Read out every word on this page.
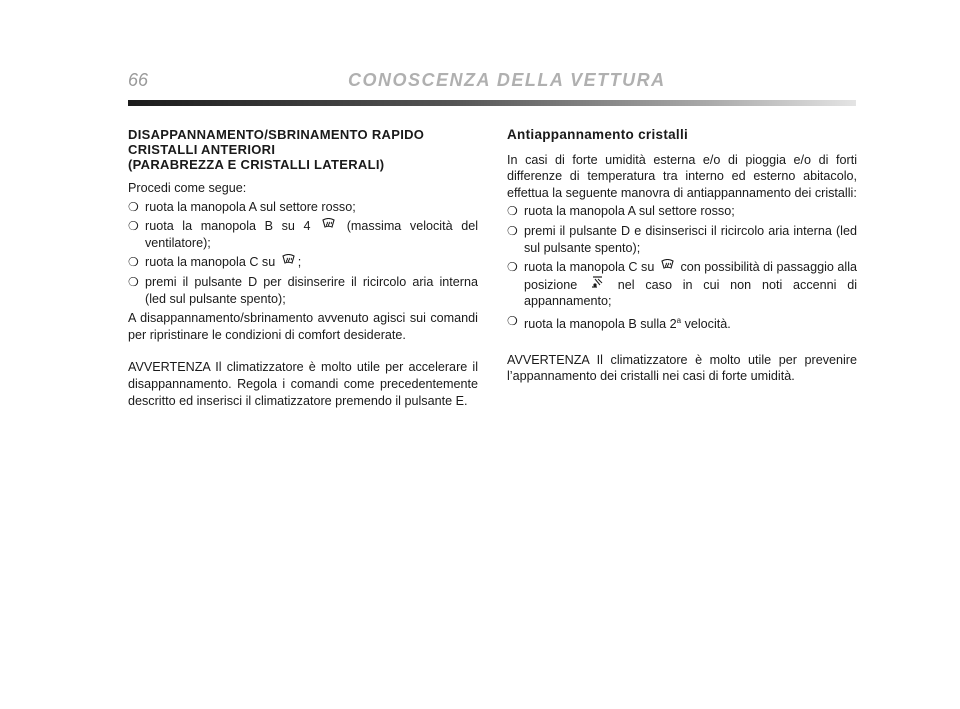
66	CONOSCENZA DELLA VETTURA
DISAPPANNAMENTO/SBRINAMENTO RAPIDO
CRISTALLI ANTERIORI
(PARABREZZA E CRISTALLI LATERALI)

Procedi come segue:

❍ ruota la manopola A sul settore rosso;
❍ ruota la manopola B su 4	(massima velocità del ventilatore);
❍ ruota la manopola C su ;
❍ premi il pulsante D per disinserire il ricircolo aria interna (led sul pulsante spento);

A disappannamento/sbrinamento avvenuto agisci sui comandi per ripristinare le condizioni di comfort desiderate.

AVVERTENZA Il climatizzatore è molto utile per accelerare il disappannamento. Regola i comandi come precedentemente descritto ed inserisci il climatizzatore premendo il pulsante E.

Antiappannamento cristalli

In casi di forte umidità esterna e/o di pioggia e/o di forti differenze di temperatura tra interno ed esterno abitacolo, effettua la seguente manovra di antiappannamento dei cristalli:

❍ ruota la manopola A sul settore rosso;
❍ premi il pulsante D e disinserisci il ricircolo aria interna (led sul pulsante spento);
❍ ruota la manopola C su con possibilità di passaggio alla posizione	nel caso in cui non noti accenni di appannamento;
❍ ruota la manopola B sulla 2$^a$ velocità.

AVVERTENZA Il climatizzatore è molto utile per prevenire l’appannamento dei cristalli nei casi di forte umidità.
